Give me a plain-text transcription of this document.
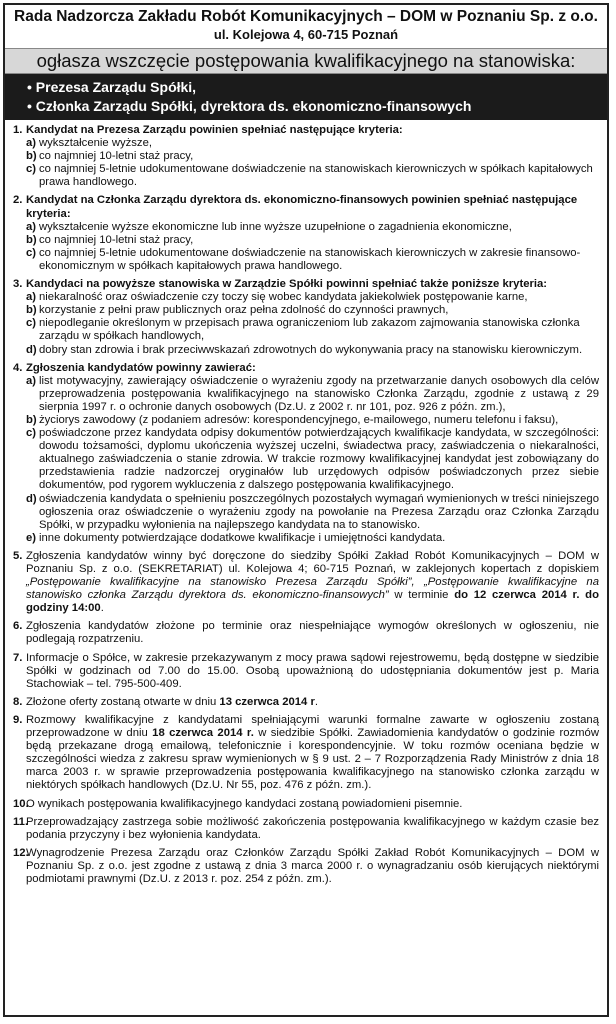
Rada Nadzorcza Zakładu Robót Komunikacyjnych – DOM w Poznaniu Sp. z o.o.
ul. Kolejowa 4, 60-715 Poznań
ogłasza wszczęcie postępowania kwalifikacyjnego na stanowiska:
• Prezesa Zarządu Spółki,
• Członka Zarządu Spółki, dyrektora ds. ekonomiczno-finansowych
1. Kandydat na Prezesa Zarządu powinien spełniać następujące kryteria:
a) wykształcenie wyższe,
b) co najmniej 10-letni staż pracy,
c) co najmniej 5-letnie udokumentowane doświadczenie na stanowiskach kierowniczych w spółkach kapitałowych prawa handlowego.
2. Kandydat na Członka Zarządu dyrektora ds. ekonomiczno-finansowych powinien spełniać następujące kryteria:
a) wykształcenie wyższe ekonomiczne lub inne wyższe uzupełnione o zagadnienia ekonomiczne,
b) co najmniej 10-letni staż pracy,
c) co najmniej 5-letnie udokumentowane doświadczenie na stanowiskach kierowniczych w zakresie finansowo-ekonomicznym w spółkach kapitałowych prawa handlowego.
3. Kandydaci na powyższe stanowiska w Zarządzie Spółki powinni spełniać także poniższe kryteria:
a) niekaralność oraz oświadczenie czy toczy się wobec kandydata jakiekolwiek postępowanie karne,
b) korzystanie z pełni praw publicznych oraz pełna zdolność do czynności prawnych,
c) niepodleganie określonym w przepisach prawa ograniczeniom lub zakazom zajmowania stanowiska członka zarządu w spółkach handlowych,
d) dobry stan zdrowia i brak przeciwwskazań zdrowotnych do wykonywania pracy na stanowisku kierowniczym.
4. Zgłoszenia kandydatów powinny zawierać:
a) list motywacyjny, zawierający oświadczenie o wyrażeniu zgody na przetwarzanie danych osobowych dla celów przeprowadzenia postępowania kwalifikacyjnego na stanowisko Członka Zarządu, zgodnie z ustawą z 29 sierpnia 1997 r. o ochronie danych osobowych (Dz.U. z 2002 r. nr 101, poz. 926 z późn. zm.),
b) życiorys zawodowy (z podaniem adresów: korespondencyjnego, e-mailowego, numeru telefonu i faksu),
c) poświadczone przez kandydata odpisy dokumentów potwierdzających kwalifikacje kandydata, w szczególności: dowodu tożsamości, dyplomu ukończenia wyższej uczelni, świadectwa pracy, zaświadczenia o niekaralności, aktualnego zaświadczenia o stanie zdrowia. W trakcie rozmowy kwalifikacyjnej kandydat jest zobowiązany do przedstawienia radzie nadzorczej oryginałów lub urzędowych odpisów poświadczonych przez siebie dokumentów, pod rygorem wykluczenia z dalszego postępowania kwalifikacyjnego.
d) oświadczenia kandydata o spełnieniu poszczególnych pozostałych wymagań wymienionych w treści niniejszego ogłoszenia oraz oświadczenie o wyrażeniu zgody na powołanie na Prezesa Zarządu oraz Członka Zarządu Spółki, w przypadku wyłonienia na najlepszego kandydata na to stanowisko.
e) inne dokumenty potwierdzające dodatkowe kwalifikacje i umiejętności kandydata.
5. Zgłoszenia kandydatów winny być doręczone do siedziby Spółki Zakład Robót Komunikacyjnych – DOM w Poznaniu Sp. z o.o. (SEKRETARIAT) ul. Kolejowa 4; 60-715 Poznań, w zaklejonych kopertach z dopiskiem „Postępowanie kwalifikacyjne na stanowisko Prezesa Zarządu Spółki”, „Postępowanie kwalifikacyjne na stanowisko członka Zarządu dyrektora ds. ekonomiczno-finansowych” w terminie do 12 czerwca 2014 r. do godziny 14:00.
6. Zgłoszenia kandydatów złożone po terminie oraz niespełniające wymogów określonych w ogłoszeniu, nie podlegają rozpatrzeniu.
7. Informacje o Spółce, w zakresie przekazywanym z mocy prawa sądowi rejestrowemu, będą dostępne w siedzibie Spółki w godzinach od 7.00 do 15.00. Osobą upoważnioną do udostępniania dokumentów jest p. Maria Stachowiak – tel. 795-500-409.
8. Złożone oferty zostaną otwarte w dniu 13 czerwca 2014 r.
9. Rozmowy kwalifikacyjne z kandydatami spełniającymi warunki formalne zawarte w ogłoszeniu zostaną przeprowadzone w dniu 18 czerwca 2014 r. w siedzibie Spółki. Zawiadomienia kandydatów o godzinie rozmów będą przekazane drogą emailową, telefonicznie i korespondencyjnie. W toku rozmów oceniana będzie w szczególności wiedza z zakresu spraw wymienionych w § 9 ust. 2 – 7 Rozporządzenia Rady Ministrów z dnia 18 marca 2003 r. w sprawie przeprowadzenia postępowania kwalifikacyjnego na stanowisko członka zarządu w niektórych spółkach handlowych (Dz.U. Nr 55, poz. 476 z późn. zm.).
10.
O wynikach postępowania kwalifikacyjnego kandydaci zostaną powiadomieni pisemnie.
11.
Przeprowadzający zastrzega sobie możliwość zakończenia postępowania kwalifikacyjnego w każdym czasie bez podania przyczyny i bez wyłonienia kandydata.
12.
Wynagrodzenie Prezesa Zarządu oraz Członków Zarządu Spółki Zakład Robót Komunikacyjnych – DOM w Poznaniu Sp. z o.o. jest zgodne z ustawą z dnia 3 marca 2000 r. o wynagradzaniu osób kierujących niektórymi podmiotami prawnymi (Dz.U. z 2013 r. poz. 254 z późn. zm.).
